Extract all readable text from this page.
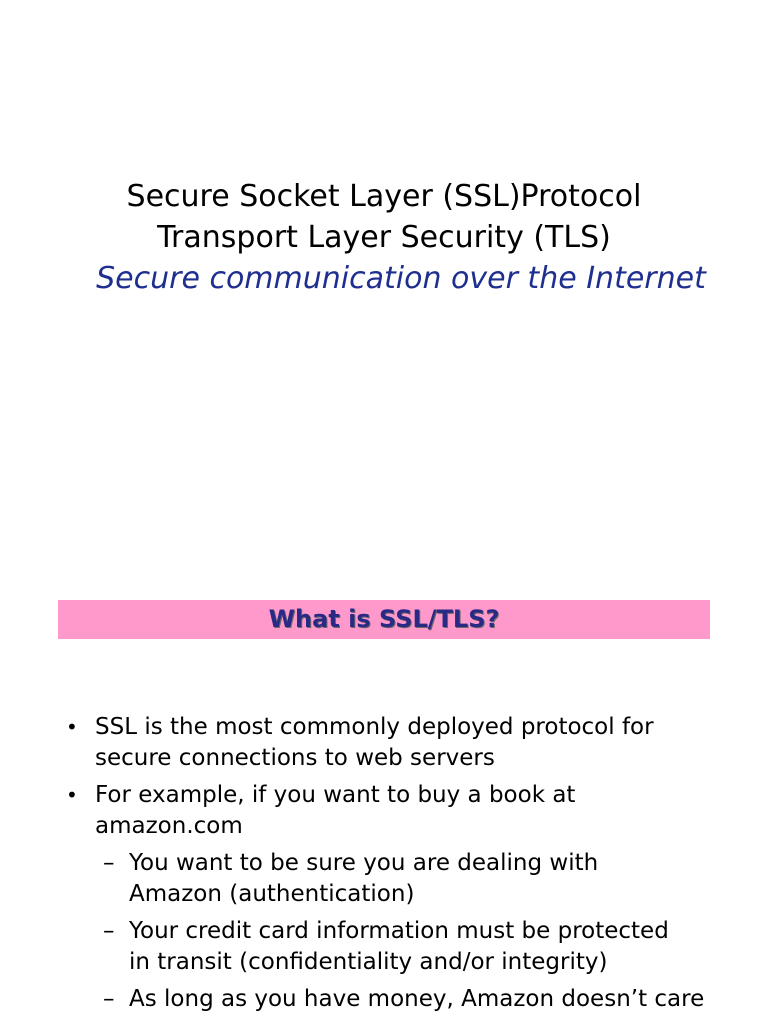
Secure Socket Layer (SSL)Protocol
Transport Layer Security (TLS)
Secure communication over the Internet
What is SSL/TLS?
• SSL is the most commonly deployed protocol for
secure connections to web servers
• For example, if you want to buy a book at
amazon.com
– You want to be sure you are dealing with
Amazon (authentication)
– Your credit card information must be protected
in transit (confidentiality and/or integrity)
– As long as you have money, Amazon doesn’t care
